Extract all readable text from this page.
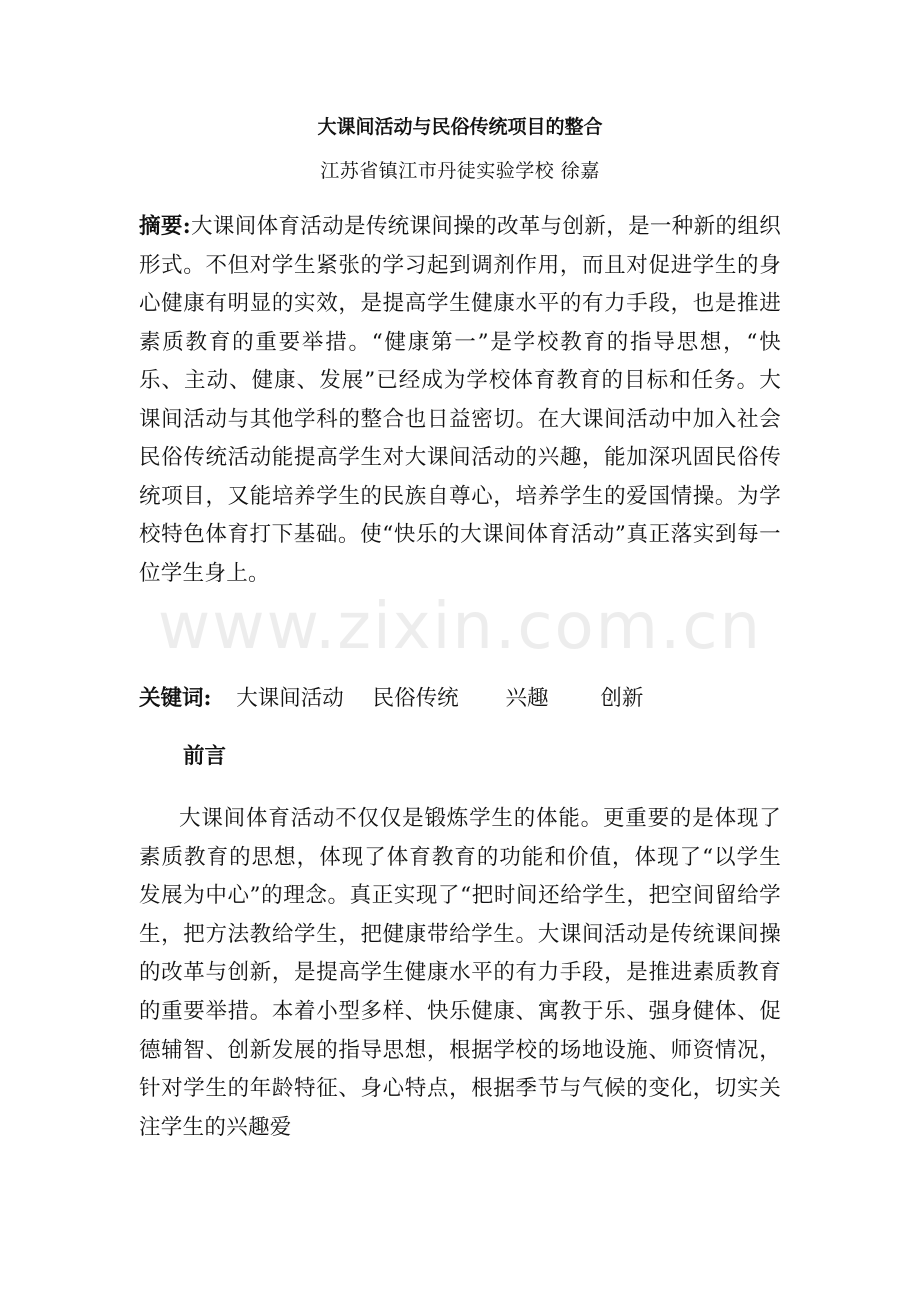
大课间活动与民俗传统项目的整合
江苏省镇江市丹徒实验学校 徐嘉
摘要:大课间体育活动是传统课间操的改革与创新，是一种新的组织形式。不但对学生紧张的学习起到调剂作用，而且对促进学生的身心健康有明显的实效，是提高学生健康水平的有力手段，也是推进素质教育的重要举措。“健康第一”是学校教育的指导思想，“快乐、主动、健康、发展”已经成为学校体育教育的目标和任务。大课间活动与其他学科的整合也日益密切。在大课间活动中加入社会民俗传统活动能提高学生对大课间活动的兴趣，能加深巩固民俗传统项目，又能培养学生的民族自尊心，培养学生的爱国情操。为学校特色体育打下基础。使“快乐的大课间体育活动”真正落实到每一位学生身上。
关键词: 大课间活动 民俗传统 兴趣 创新
前言
大课间体育活动不仅仅是锻炼学生的体能。更重要的是体现了素质教育的思想，体现了体育教育的功能和价值，体现了“以学生发展为中心”的理念。真正实现了“把时间还给学生，把空间留给学生，把方法教给学生，把健康带给学生。大课间活动是传统课间操的改革与创新，是提高学生健康水平的有力手段，是推进素质教育的重要举措。本着小型多样、快乐健康、寓教于乐、强身健体、促德辅智、创新发展的指导思想，根据学校的场地设施、师资情况，针对学生的年龄特征、身心特点，根据季节与气候的变化，切实关注学生的兴趣爱
www.zixin.com.cn
